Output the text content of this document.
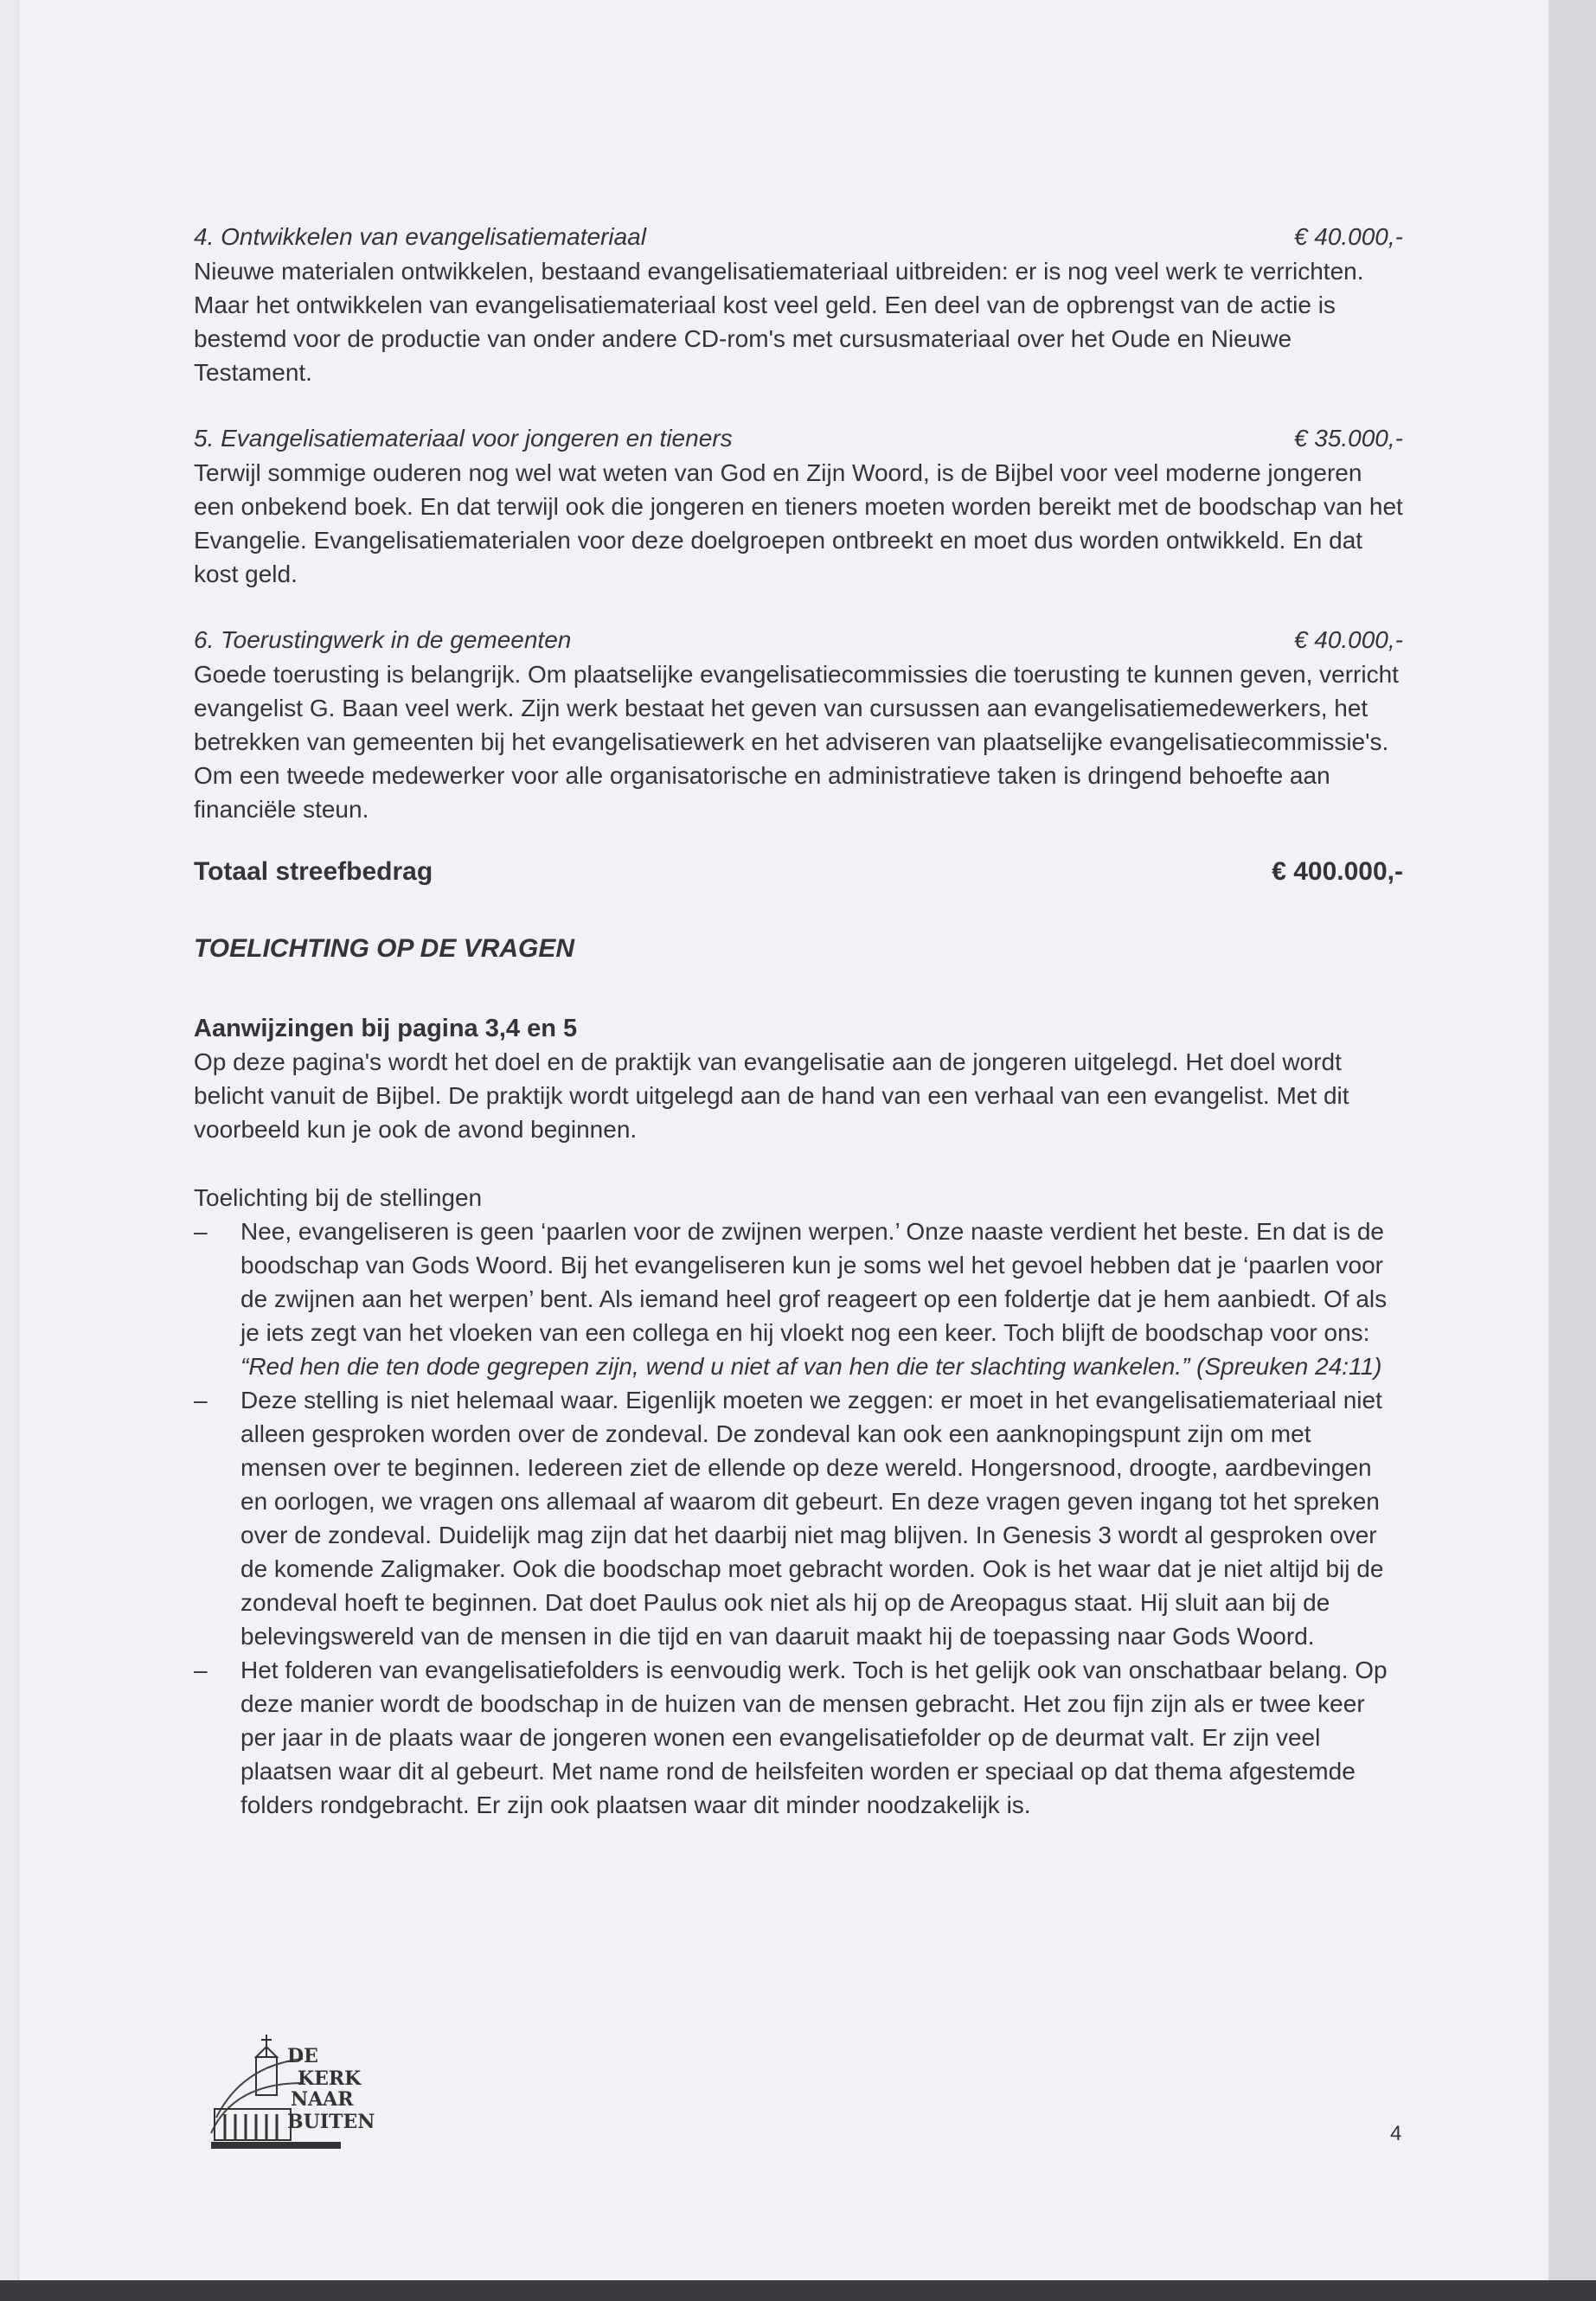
4. Ontwikkelen van evangelisatiemateriaal	€ 40.000,-

Nieuwe materialen ontwikkelen, bestaand evangelisatiemateriaal uitbreiden: er is nog veel werk te verrichten. Maar het ontwikkelen van evangelisatiemateriaal kost veel geld. Een deel van de opbrengst van de actie is bestemd voor de productie van onder andere CD-rom's met cursusmateriaal over het Oude en Nieuwe Testament.

5. Evangelisatiemateriaal voor jongeren en tieners	€ 35.000,-

Terwijl sommige ouderen nog wel wat weten van God en Zijn Woord, is de Bijbel voor veel moderne jongeren een onbekend boek. En dat terwijl ook die jongeren en tieners moeten worden bereikt met de boodschap van het Evangelie. Evangelisatiematerialen voor deze doelgroepen ontbreekt en moet dus worden ontwikkeld. En dat kost geld.

6. Toerustingwerk in de gemeenten	€ 40.000,-

Goede toerusting is belangrijk. Om plaatselijke evangelisatiecommissies die toerusting te kunnen geven, verricht evangelist G. Baan veel werk. Zijn werk bestaat het geven van cursussen aan evangelisatiemedewerkers, het betrekken van gemeenten bij het evangelisatiewerk en het adviseren van plaatselijke evangelisatiecommissie's. Om een tweede medewerker voor alle organisatorische en administratieve taken is dringend behoefte aan financiële steun.

Totaal streefbedrag	€ 400.000,-
TOELICHTING OP DE VRAGEN
Aanwijzingen bij pagina 3,4 en 5

Op deze pagina's wordt het doel en de praktijk van evangelisatie aan de jongeren uitgelegd. Het doel wordt belicht vanuit de Bijbel. De praktijk wordt uitgelegd aan de hand van een verhaal van een evangelist. Met dit voorbeeld kun je ook de avond beginnen.

Toelichting bij de stellingen
– Nee, evangeliseren is geen ‘paarlen voor de zwijnen werpen.’ Onze naaste verdient het beste. En dat is de boodschap van Gods Woord. Bij het evangeliseren kun je soms wel het gevoel hebben dat je ‘paarlen voor de zwijnen aan het werpen’ bent. Als iemand heel grof reageert op een foldertje dat je hem aanbiedt. Of als je iets zegt van het vloeken van een collega en hij vloekt nog een keer. Toch blijft de boodschap voor ons: “Red hen die ten dode gegrepen zijn, wend u niet af van hen die ter slachting wankelen.” (Spreuken 24:11)
– Deze stelling is niet helemaal waar. Eigenlijk moeten we zeggen: er moet in het evangelisatiemateriaal niet alleen gesproken worden over de zondeval. De zondeval kan ook een aanknopingspunt zijn om met mensen over te beginnen. Iedereen ziet de ellende op deze wereld. Hongersnood, droogte, aardbevingen en oorlogen, we vragen ons allemaal af waarom dit gebeurt. En deze vragen geven ingang tot het spreken over de zondeval. Duidelijk mag zijn dat het daarbij niet mag blijven. In Genesis 3 wordt al gesproken over de komende Zaligmaker. Ook die boodschap moet gebracht worden. Ook is het waar dat je niet altijd bij de zondeval hoeft te beginnen. Dat doet Paulus ook niet als hij op de Areopagus staat. Hij sluit aan bij de belevingswereld van de mensen in die tijd en van daaruit maakt hij de toepassing naar Gods Woord.
– Het folderen van evangelisatiefolders is eenvoudig werk. Toch is het gelijk ook van onschatbaar belang. Op deze manier wordt de boodschap in de huizen van de mensen gebracht. Het zou fijn zijn als er twee keer per jaar in de plaats waar de jongeren wonen een evangelisatiefolder op de deurmat valt. Er zijn veel plaatsen waar dit al gebeurt. Met name rond de heilsfeiten worden er speciaal op dat thema afgestemde folders rondgebracht. Er zijn ook plaatsen waar dit minder noodzakelijk is.
DE
KERK
NAAR
BUITEN	4
